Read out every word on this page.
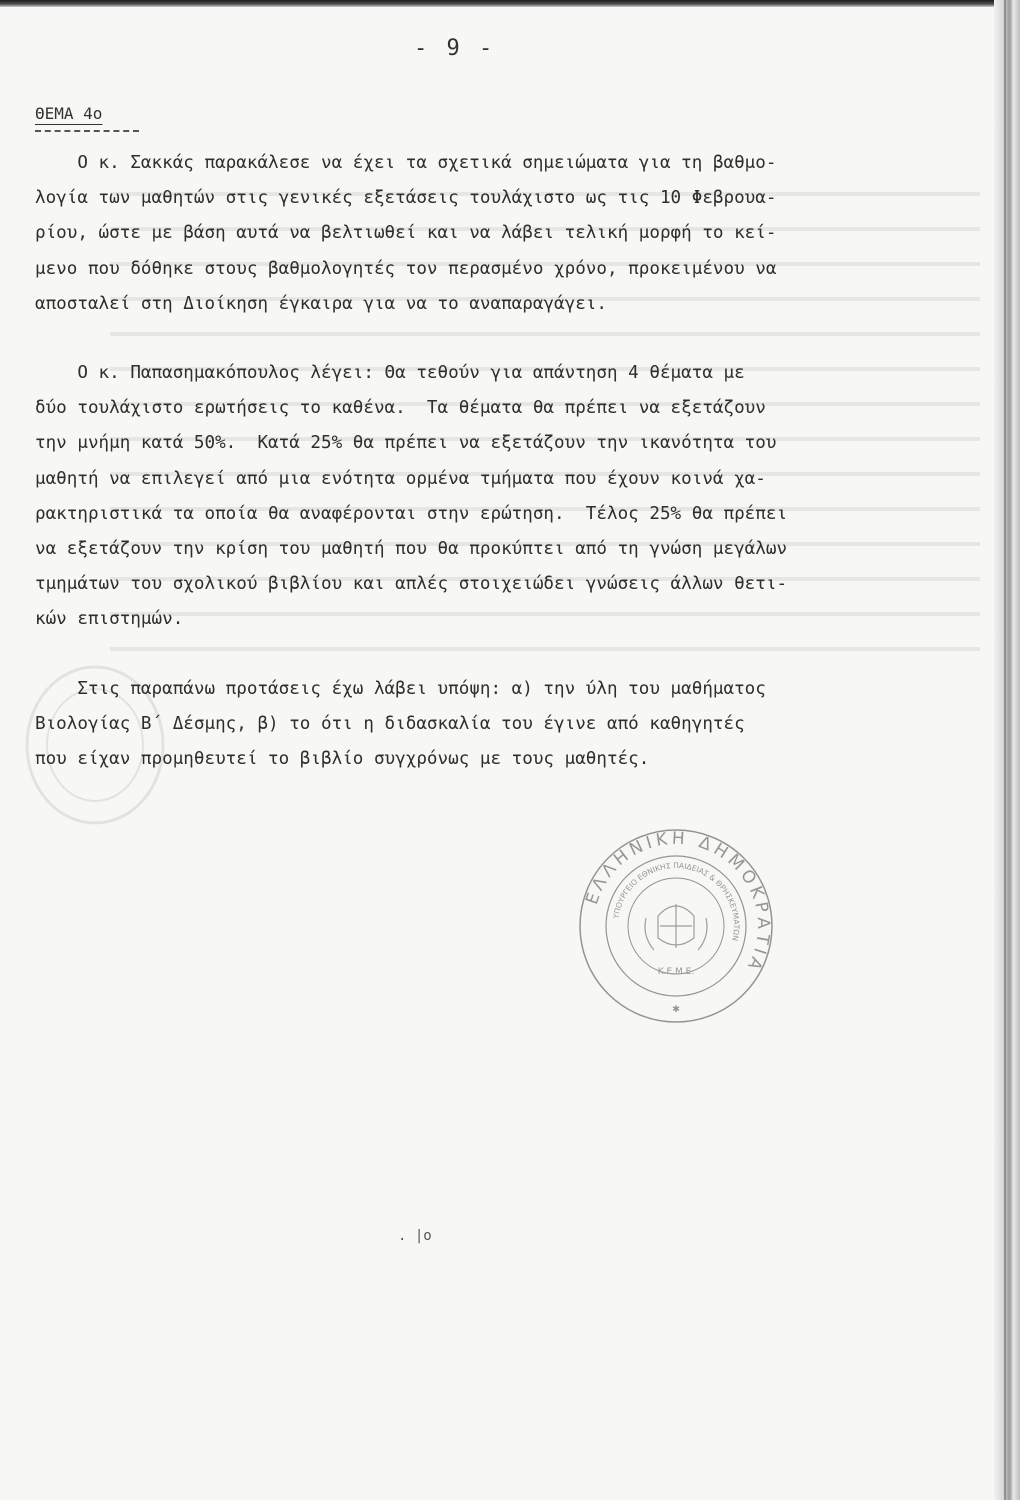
- 9 -
ΘΕΜΑ 4ο
Ο κ. Σακκάς παρακάλεσε να έχει τα σχετικά σημειώματα για τη βαθμο-
λογία των μαθητών στις γενικές εξετάσεις τουλάχιστο ως τις 10 Φεβρουα-
ρίου, ώστε με βάση αυτά να βελτιωθεί και να λάβει τελική μορφή το κεί-
μενο που δόθηκε στους βαθμολογητές τον περασμένο χρόνο, προκειμένου να
αποσταλεί στη Διοίκηση έγκαιρα για να το αναπαραγάγει.
Ο κ. Παπασημακόπουλος λέγει: Θα τεθούν για απάντηση 4 θέματα με
δύο τουλάχιστο ερωτήσεις το καθένα.  Τα θέματα θα πρέπει να εξετάζουν
την μνήμη κατά 50%.  Κατά 25% θα πρέπει να εξετάζουν την ικανότητα του
μαθητή να επιλεγεί από μια ενότητα ορμένα τμήματα που έχουν κοινά χα-
ρακτηριστικά τα οποία θα αναφέρονται στην ερώτηση.  Τέλος 25% θα πρέπει
να εξετάζουν την κρίση του μαθητή που θα προκύπτει από τη γνώση μεγάλων
τμημάτων του σχολικού βιβλίου και απλές στοιχειώδει γνώσεις άλλων θετι-
κών επιστημών.
Στις παραπάνω προτάσεις έχω λάβει υπόψη: α) την ύλη του μαθήματος
Βιολογίας Β΄ Δέσμης, β) το ότι η διδασκαλία του έγινε από καθηγητές
που είχαν προμηθευτεί το βιβλίο συγχρόνως με τους μαθητές.
ΕΛΛΗΝΙΚΗ ΔΗΜΟΚΡΑΤΙΑ
ΥΠΟΥΡΓΕΙΟ ΕΘΝΙΚΗΣ ΠΑΙΔΕΙΑΣ & ΘΡΗΣΚΕΥΜΑΤΩΝ
Κ.Ε.Μ.Ε.
✱
. |ο
